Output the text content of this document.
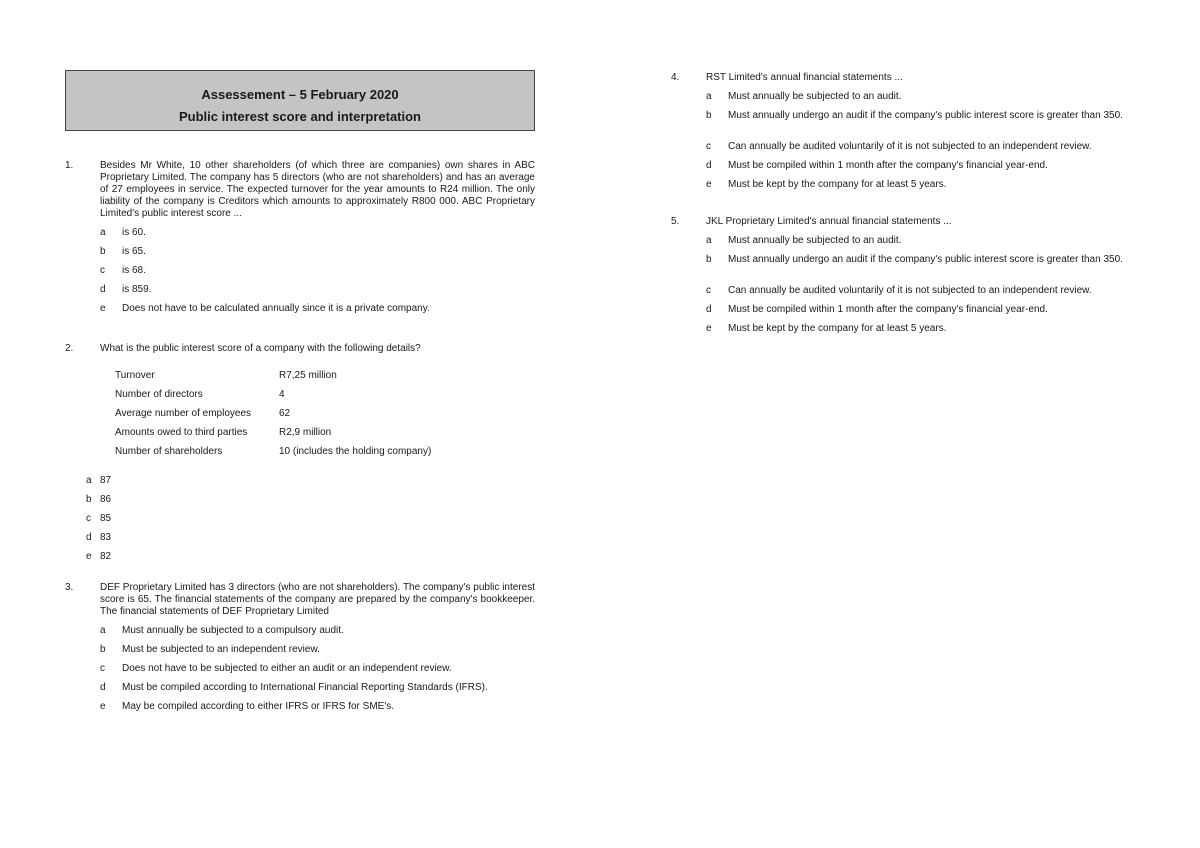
Assessement – 5 February 2020
Public interest score and interpretation
1.	Besides Mr White, 10 other shareholders (of which three are companies) own shares in ABC Proprietary Limited. The company has 5 directors (who are not shareholders) and has an average of 27 employees in service. The expected turnover for the year amounts to R24 million. The only liability of the company is Creditors which amounts to approximately R800 000. ABC Proprietary Limited's public interest score ...
a	is 60.
b	is 65.
c	is 68.
d	is 859.
e	Does not have to be calculated annually since it is a private company.
2.	What is the public interest score of a company with the following details?
Turnover	R7,25 million
Number of directors	4
Average number of employees	62
Amounts owed to third parties	R2,9 million
Number of shareholders	10 (includes the holding company)
a 87
b 86
c 85
d 83
e 82
3.	DEF Proprietary Limited has 3 directors (who are not shareholders). The company's public interest score is 65. The financial statements of the company are prepared by the company's bookkeeper. The financial statements of DEF Proprietary Limited
a	Must annually be subjected to a compulsory audit.
b	Must be subjected to an independent review.
c	Does not have to be subjected to either an audit or an independent review.
d	Must be compiled according to International Financial Reporting Standards (IFRS).
e	May be compiled according to either IFRS or IFRS for SME's.
4.	RST Limited's annual financial statements ...
a	Must annually be subjected to an audit.
b	Must annually undergo an audit if the company's public interest score is greater than 350.
c	Can annually be audited voluntarily of it is not subjected to an independent review.
d	Must be compiled within 1 month after the company's financial year-end.
e	Must be kept by the company for at least 5 years.
5.	JKL Proprietary Limited's annual financial statements ...
a	Must annually be subjected to an audit.
b	Must annually undergo an audit if the company's public interest score is greater than 350.
c	Can annually be audited voluntarily of it is not subjected to an independent review.
d	Must be compiled within 1 month after the company's financial year-end.
e	Must be kept by the company for at least 5 years.
